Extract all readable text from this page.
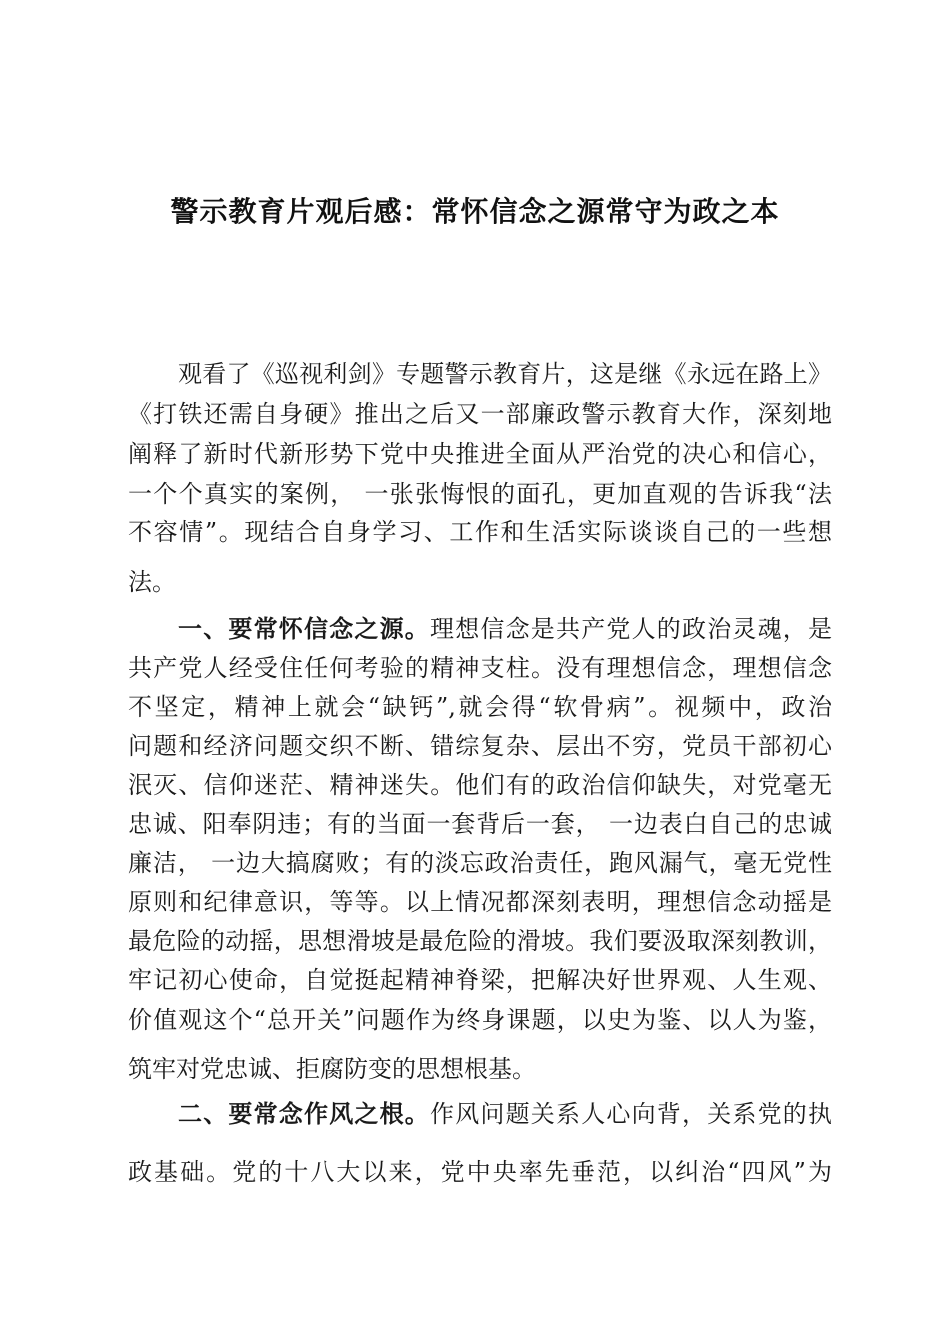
警示教育片观后感：常怀信念之源常守为政之本
观看了《巡视利剑》专题警示教育片，这是继《永远在路上》
《打铁还需自身硬》推出之后又一部廉政警示教育大作，深刻地
阐释了新时代新形势下党中央推进全面从严治党的决心和信心，
一个个真实的案例， 一张张悔恨的面孔，更加直观的告诉我“法
不容情”。现结合自身学习、工作和生活实际谈谈自己的一些想
法。
一、要常怀信念之源。理想信念是共产党人的政治灵魂，是
共产党人经受住任何考验的精神支柱。没有理想信念，理想信念
不坚定，精神上就会“缺钙”,就会得“软骨病”。视频中，政治
问题和经济问题交织不断、错综复杂、层出不穷，党员干部初心
泯灭、信仰迷茫、精神迷失。他们有的政治信仰缺失，对党毫无
忠诚、阳奉阴违；有的当面一套背后一套， 一边表白自己的忠诚
廉洁， 一边大搞腐败；有的淡忘政治责任，跑风漏气，毫无党性
原则和纪律意识，等等。以上情况都深刻表明，理想信念动摇是
最危险的动摇，思想滑坡是最危险的滑坡。我们要汲取深刻教训，
牢记初心使命，自觉挺起精神脊梁，把解决好世界观、人生观、
价值观这个“总开关”问题作为终身课题，以史为鉴、以人为鉴，
筑牢对党忠诚、拒腐防变的思想根基。
二、要常念作风之根。作风问题关系人心向背，关系党的执
政基础。党的十八大以来，党中央率先垂范，以纠治“四风”为
